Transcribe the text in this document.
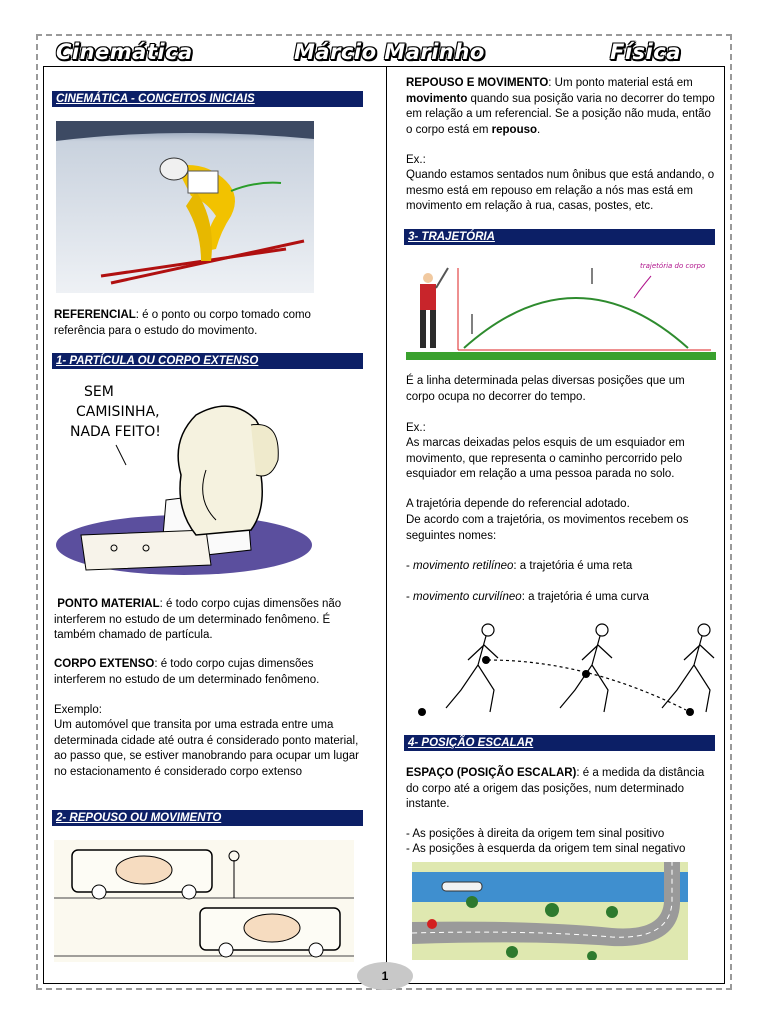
Cinemática	Márcio Marinho	Física
CINEMÁTICA - CONCEITOS INICIAIS
REFERENCIAL: é o ponto ou corpo tomado como referência para o estudo do movimento.
1- PARTÍCULA OU CORPO EXTENSO
SEM
CAMISINHA,
NADA FEITO!
PONTO MATERIAL: é todo corpo cujas dimensões não interferem no estudo de um determinado fenômeno. É também chamado de partícula.
CORPO EXTENSO: é todo corpo cujas dimensões interferem no estudo de um determinado fenômeno.
Exemplo:
Um automóvel que transita por uma estrada entre uma determinada cidade até outra é considerado ponto material, ao passo que, se estiver manobrando para ocupar um lugar no estacionamento é considerado corpo extenso
2- REPOUSO OU MOVIMENTO
REPOUSO E MOVIMENTO: Um ponto material está em movimento quando sua posição varia no decorrer do tempo em relação a um referencial. Se a posição não muda, então o corpo está em repouso.
Ex.:
Quando estamos sentados num ônibus que está andando, o mesmo está em repouso em relação a nós mas está em movimento em relação à rua, casas, postes, etc.
3- TRAJETÓRIA
trajetória do corpo
É a linha determinada pelas diversas posições que um corpo ocupa no decorrer do tempo.
Ex.:
As marcas deixadas pelos esquis de um esquiador em movimento, que representa o caminho percorrido pelo esquiador em relação a uma pessoa parada no solo.
A trajetória depende do referencial adotado.
De acordo com a trajetória, os movimentos recebem os seguintes nomes:
- movimento retilíneo: a trajetória é uma reta
- movimento curvilíneo: a trajetória é uma curva
4- POSIÇÃO ESCALAR
ESPAÇO (POSIÇÃO ESCALAR): é a medida da distância do corpo até a origem das posições, num determinado instante.
- As posições à direita da origem tem sinal positivo
- As posições à esquerda da origem tem sinal negativo
1
